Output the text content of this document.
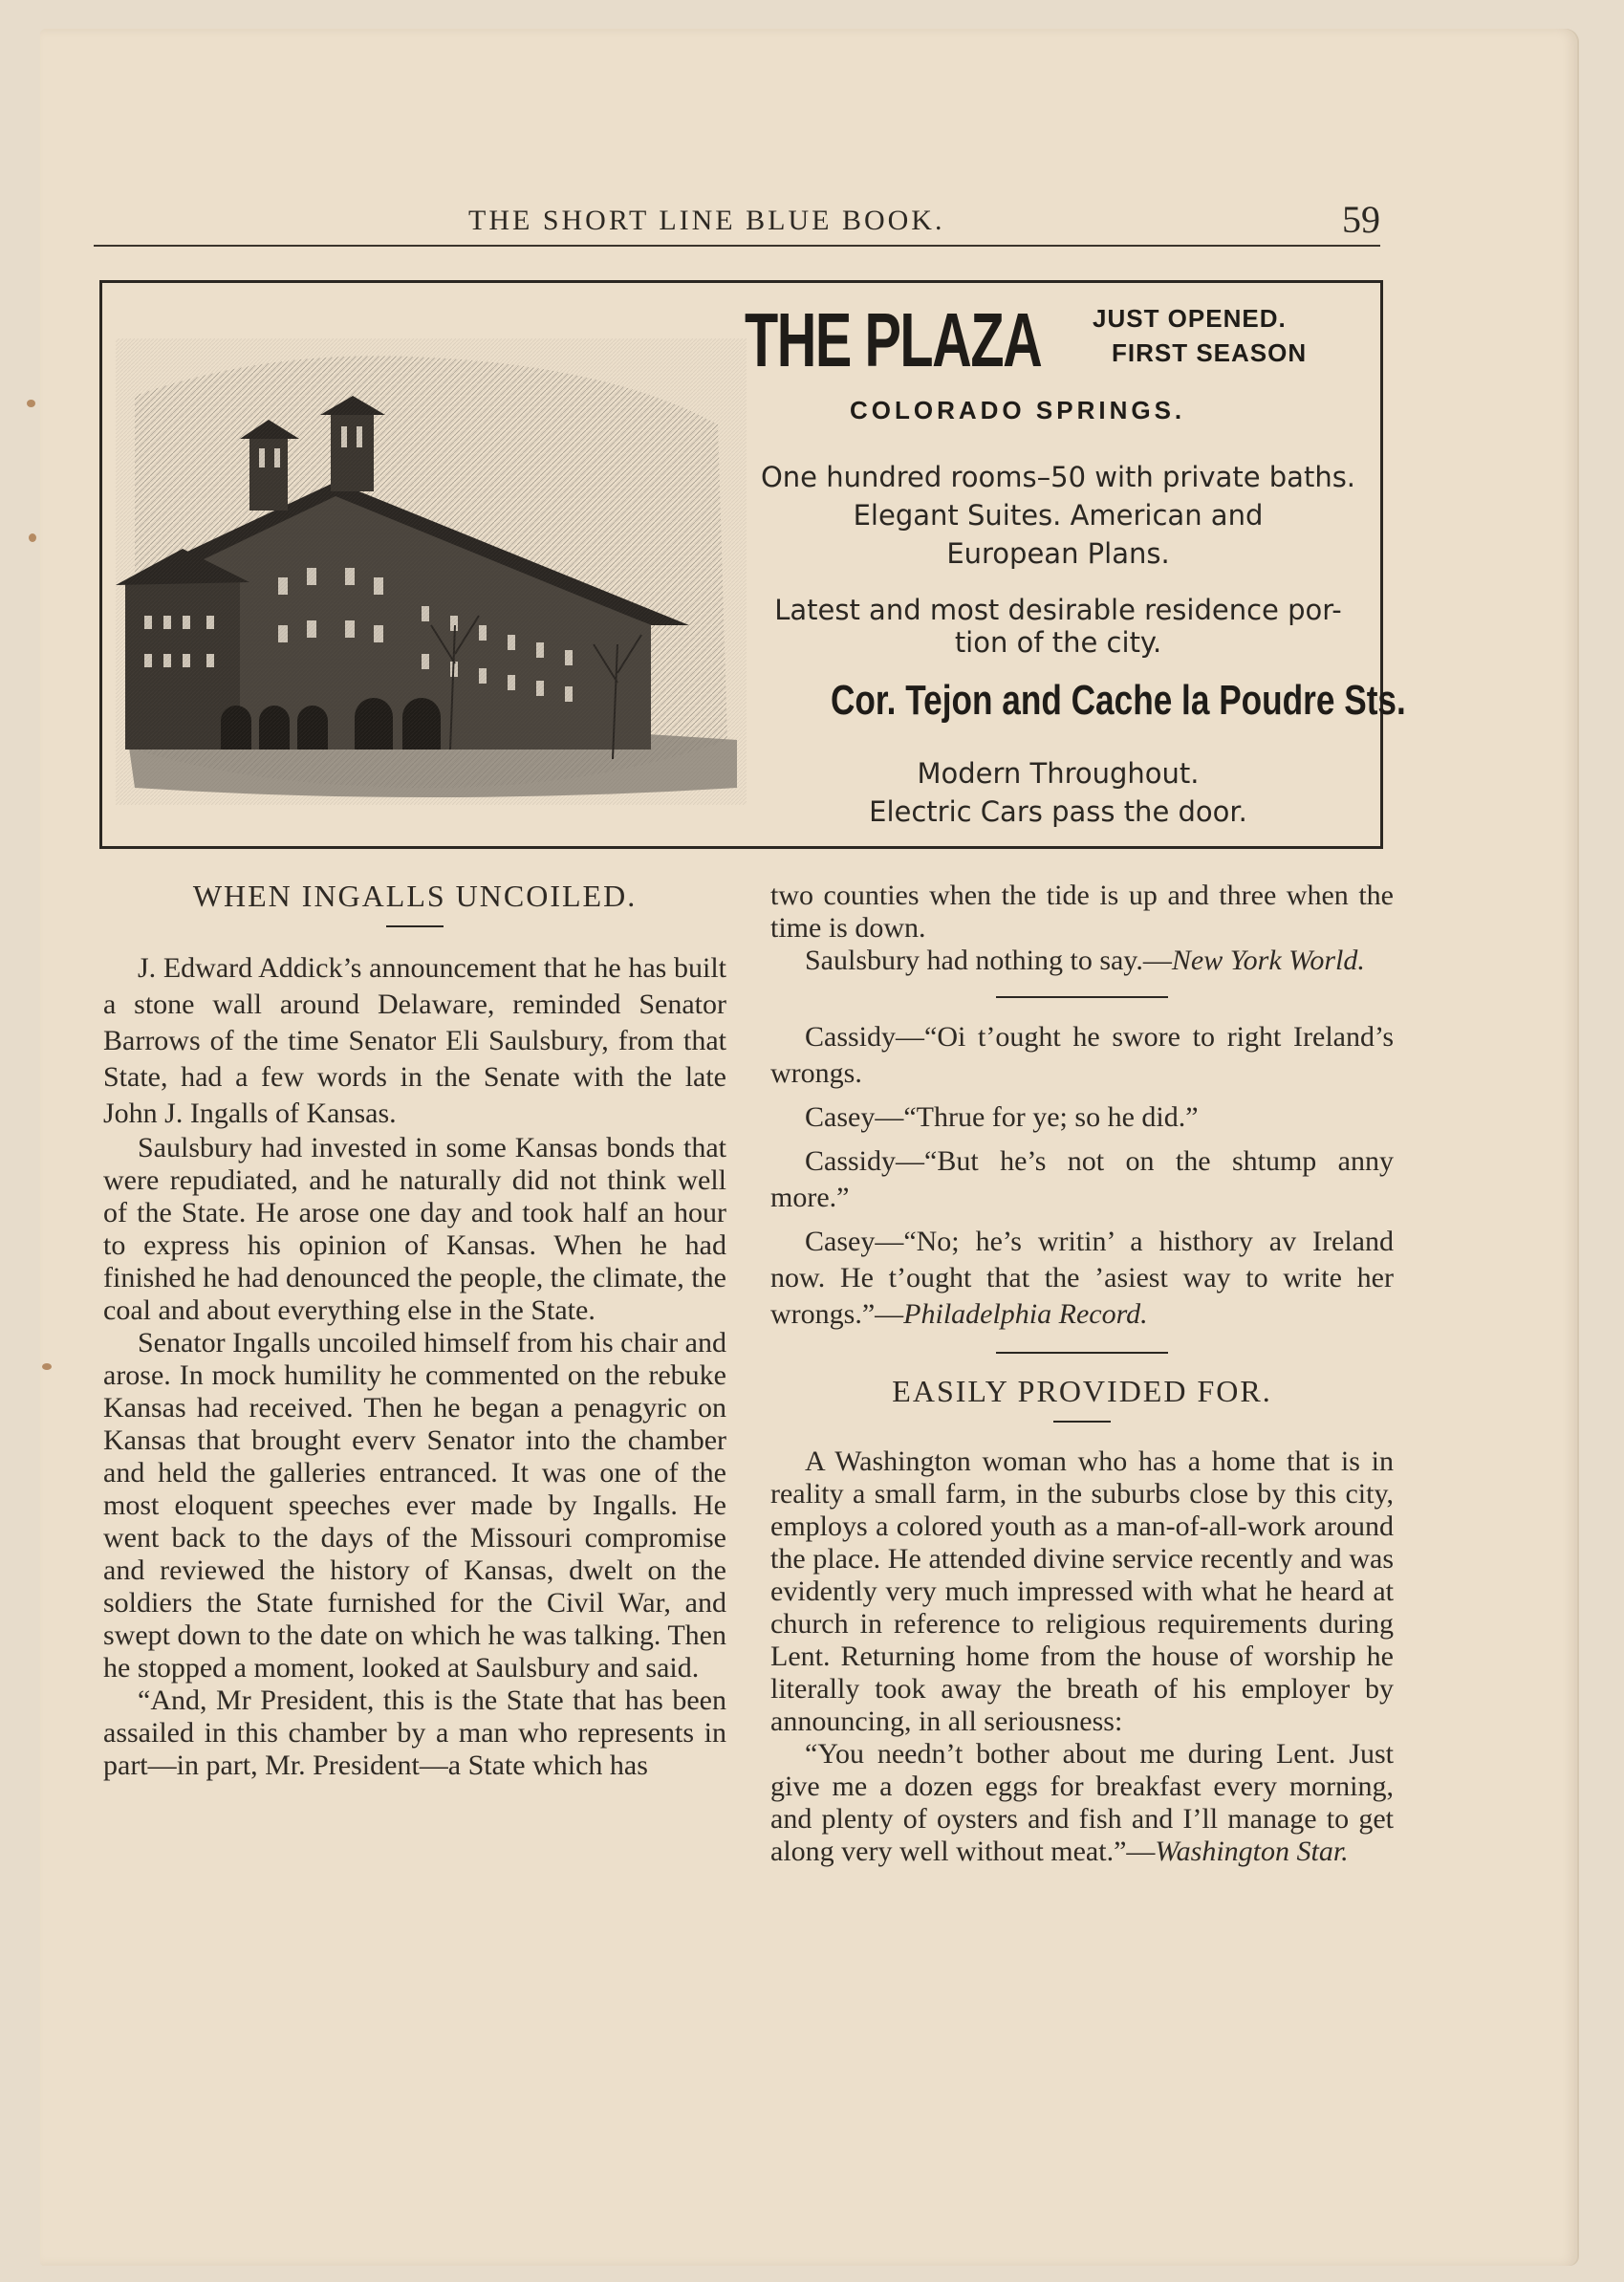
THE SHORT LINE BLUE BOOK.	59
THE PLAZA JUST OPENED.
FIRST SEASON
COLORADO SPRINGS.
One hundred rooms–50 with private baths.
Elegant Suites. American and
European Plans.
Latest and most desirable residence por-
tion of the city.
Cor. Tejon and Cache la Poudre Sts.
Modern Throughout.
Electric Cars pass the door.
WHEN INGALLS UNCOILED.

J. Edward Addick’s announcement that he has built a stone wall around Delaware, reminded Senator Barrows of the time Senator Eli Saulsbury, from that State, had a few words in the Senate with the late John J. Ingalls of Kansas.

Saulsbury had invested in some Kansas bonds that were repudiated, and he naturally did not think well of the State. He arose one day and took half an hour to express his opinion of Kansas. When he had finished he had denounced the people, the climate, the coal and about everything else in the State.

Senator Ingalls uncoiled himself from his chair and arose. In mock humility he commented on the rebuke Kansas had received. Then he began a penagyric on Kansas that brought everv Senator into the chamber and held the galleries entranced. It was one of the most eloquent speeches ever made by Ingalls. He went back to the days of the Missouri compromise and reviewed the history of Kansas, dwelt on the soldiers the State furnished for the Civil War, and swept down to the date on which he was talking. Then he stopped a moment, looked at Saulsbury and said.

“And, Mr President, this is the State that has been assailed in this chamber by a man who represents in part—in part, Mr. President—a State which has

two counties when the tide is up and three when the time is down.

Saulsbury had nothing to say.—New York World.

Cassidy—“Oi t’ought he swore to right Ireland’s wrongs.

Casey—“Thrue for ye; so he did.”

Cassidy—“But he’s not on the shtump anny more.”

Casey—“No; he’s writin’ a histhory av Ireland now. He t’ought that the ’asiest way to write her wrongs.”—Philadelphia Record.

EASILY PROVIDED FOR.

A Washington woman who has a home that is in reality a small farm, in the suburbs close by this city, employs a colored youth as a man-of-all-work around the place. He attended divine service recently and was evidently very much impressed with what he heard at church in reference to religious requirements during Lent. Returning home from the house of worship he literally took away the breath of his employer by announcing, in all seriousness:

“You needn’t bother about me during Lent. Just give me a dozen eggs for breakfast every morning, and plenty of oysters and fish and I’ll manage to get along very well without meat.”—Washington Star.
